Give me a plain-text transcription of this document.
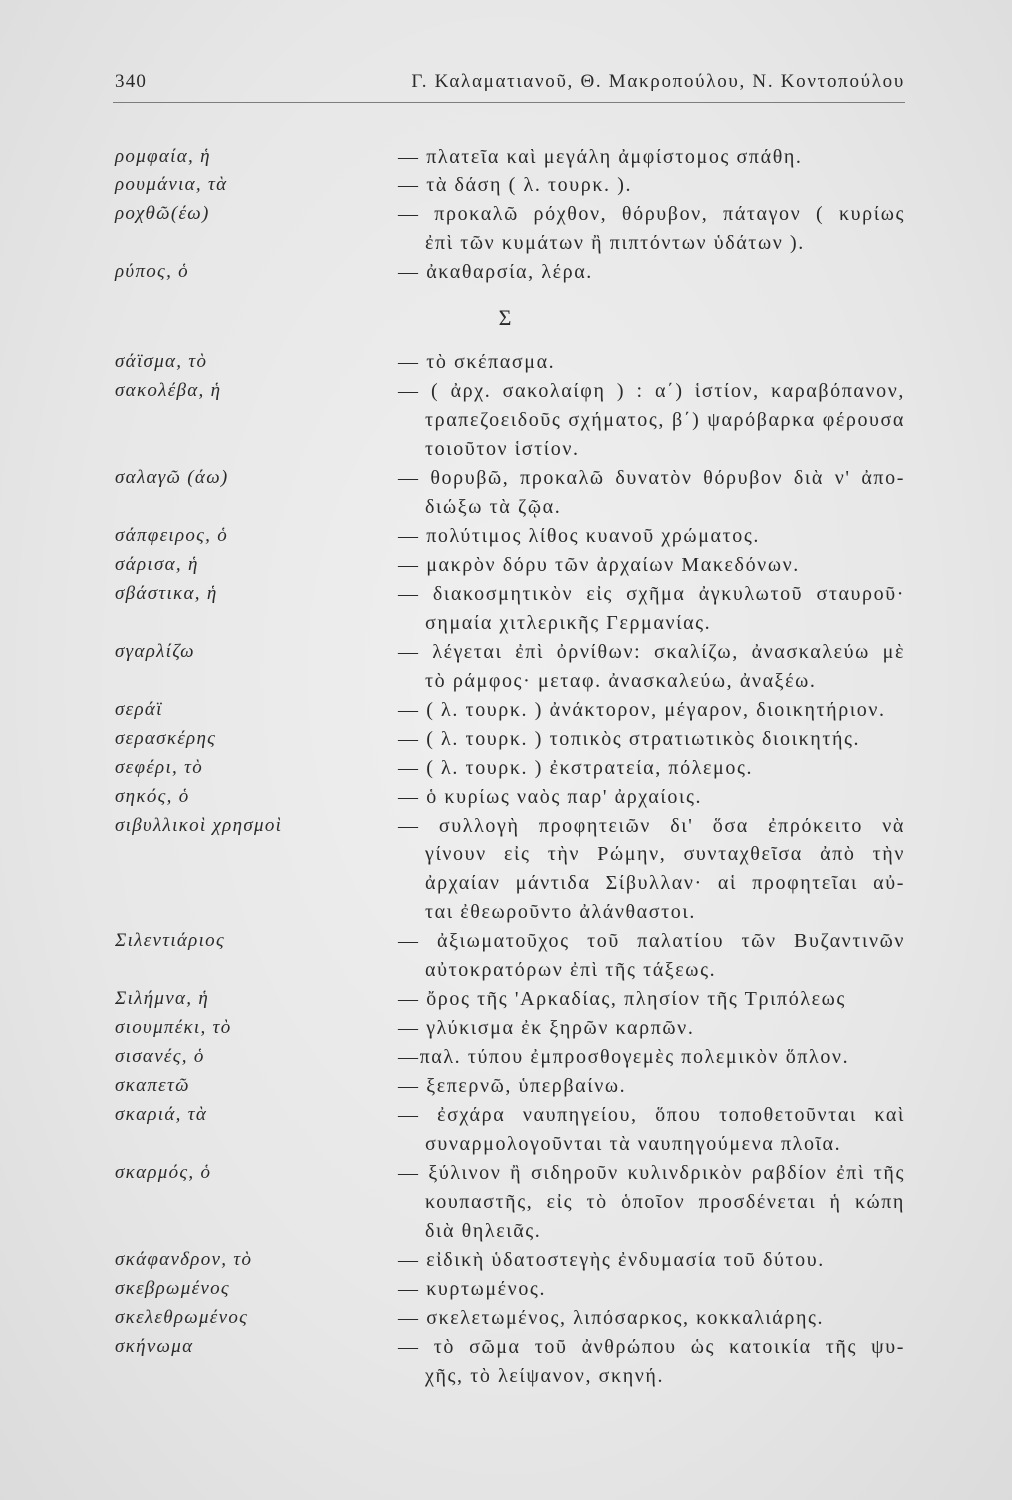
340	Γ. Καλαματιανοῦ, Θ. Μακροπούλου, Ν. Κοντοπούλου
ρομφαία, ἡ	— πλατεῖα καὶ μεγάλη ἀμφίστομος σπάθη.
ρουμάνια, τὰ	— τὰ δάση ( λ. τουρκ. ).
ροχθῶ(έω)	— προκαλῶ ρόχθον, θόρυβον, πάταγον ( κυρίως
ἐπὶ τῶν κυμάτων ἢ πιπτόντων ὑδάτων ).
ρύπος, ὁ	— ἀκαθαρσία, λέρα.
Σ
σάϊσμα, τὸ	— τὸ σκέπασμα.
σακολέβα, ἡ	— ( ἀρχ. σακολαίφη ) : α΄) ἱστίον, καραβόπανον,
τραπεζοειδοῦς σχήματος, β΄) ψαρόβαρκα φέρουσα
τοιοῦτον ἱστίον.
σαλαγῶ (άω)	— θορυβῶ, προκαλῶ δυνατὸν θόρυβον διὰ ν' ἀπο-
διώξω τὰ ζῷα.
σάπφειρος, ὁ	— πολύτιμος λίθος κυανοῦ χρώματος.
σάρισα, ἡ	— μακρὸν δόρυ τῶν ἀρχαίων Μακεδόνων.
σβάστικα, ἡ	— διακοσμητικὸν εἰς σχῆμα ἀγκυλωτοῦ σταυροῦ·
σημαία χιτλερικῆς Γερμανίας.
σγαρλίζω	— λέγεται ἐπὶ ὀρνίθων: σκαλίζω, ἀνασκαλεύω μὲ
τὸ ράμφος· μεταφ. ἀνασκαλεύω, ἀναξέω.
σεράϊ	— ( λ. τουρκ. ) ἀνάκτορον, μέγαρον, διοικητήριον.
σερασκέρης	— ( λ. τουρκ. ) τοπικὸς στρατιωτικὸς διοικητής.
σεφέρι, τὸ	— ( λ. τουρκ. ) ἐκστρατεία, πόλεμος.
σηκός, ὁ	— ὁ κυρίως ναὸς παρ' ἀρχαίοις.
σιβυλλικοὶ χρησμοὶ	— συλλογὴ προφητειῶν δι' ὅσα ἐπρόκειτο νὰ
γίνουν εἰς τὴν Ρώμην, συνταχθεῖσα ἀπὸ τὴν
ἀρχαίαν μάντιδα Σίβυλλαν· αἱ προφητεῖαι αὐ-
ται ἐθεωροῦντο ἀλάνθαστοι.
Σιλεντιάριος	— ἀξιωματοῦχος τοῦ παλατίου τῶν Βυζαντινῶν
αὐτοκρατόρων ἐπὶ τῆς τάξεως.
Σιλήμνα, ἡ	— ὄρος τῆς 'Αρκαδίας, πλησίον τῆς Τριπόλεως
σιουμπέκι, τὸ	— γλύκισμα ἐκ ξηρῶν καρπῶν.
σισανές, ὁ	—παλ. τύπου ἐμπροσθογεμὲς πολεμικὸν ὅπλον.
σκαπετῶ	— ξεπερνῶ, ὑπερβαίνω.
σκαριά, τὰ	— ἐσχάρα ναυπηγείου, ὅπου τοποθετοῦνται καὶ
συναρμολογοῦνται τὰ ναυπηγούμενα πλοῖα.
σκαρμός, ὁ	— ξύλινον ἢ σιδηροῦν κυλινδρικὸν ραβδίον ἐπὶ τῆς
κουπαστῆς, εἰς τὸ ὁποῖον προσδένεται ἡ κώπη
διὰ θηλειᾶς.
σκάφανδρον, τὸ	— εἰδικὴ ὑδατοστεγὴς ἐνδυμασία τοῦ δύτου.
σκεβρωμένος	— κυρτωμένος.
σκελεθρωμένος	— σκελετωμένος, λιπόσαρκος, κοκκαλιάρης.
σκήνωμα	— τὸ σῶμα τοῦ ἀνθρώπου ὡς κατοικία τῆς ψυ-
χῆς, τὸ λείψανον, σκηνή.
